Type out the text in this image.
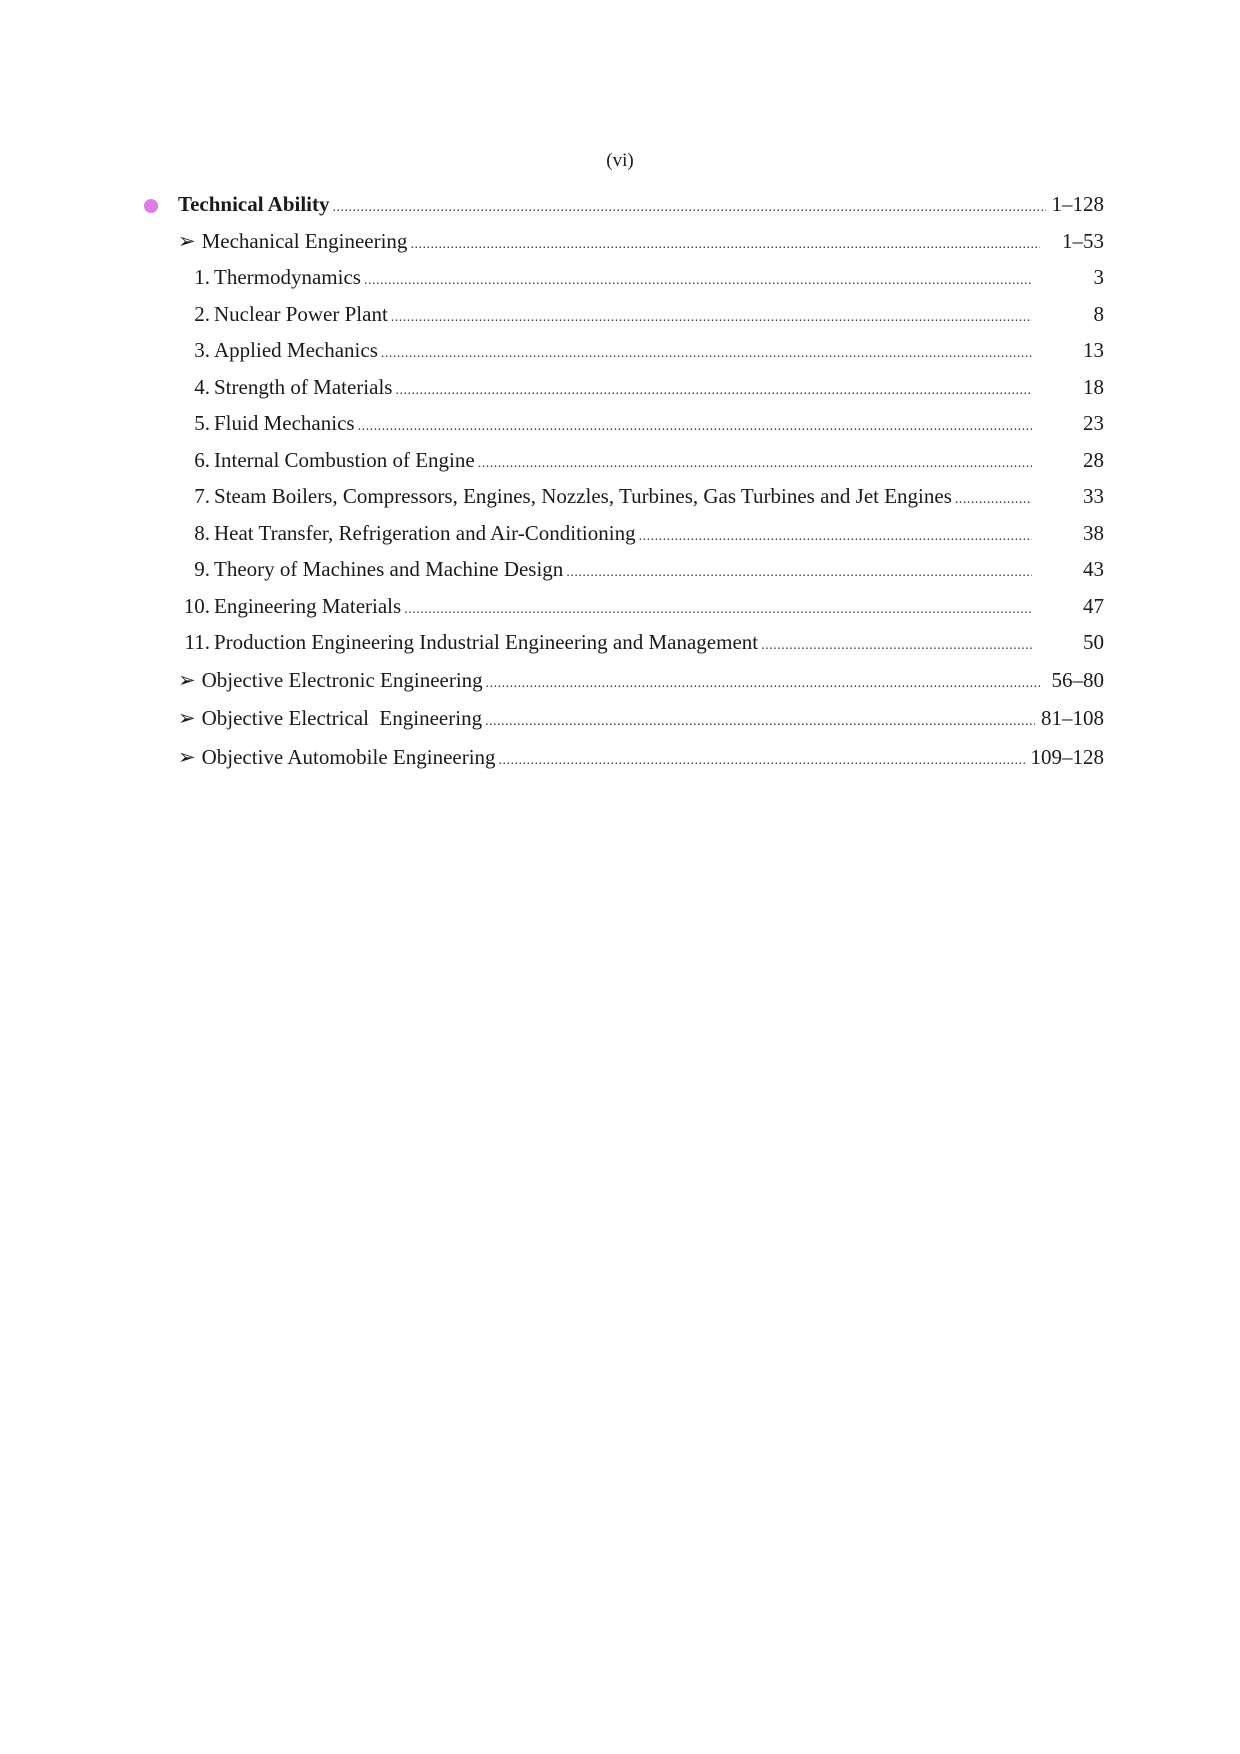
(vi)
Technical Ability .....	1–128
➢ Mechanical Engineering .....	1–53
1. Thermodynamics .....	3
2. Nuclear Power Plant .....	8
3. Applied Mechanics .....	13
4. Strength of Materials .....	18
5. Fluid Mechanics .....	23
6. Internal Combustion of Engine .....	28
7. Steam Boilers, Compressors, Engines, Nozzles, Turbines, Gas Turbines and Jet Engines .....	33
8. Heat Transfer, Refrigeration and Air-Conditioning .....	38
9. Theory of Machines and Machine Design .....	43
10. Engineering Materials .....	47
11. Production Engineering Industrial Engineering and Management .....	50
➢ Objective Electronic Engineering .....	56–80
➢ Objective Electrical  Engineering .....	81–108
➢ Objective Automobile Engineering .....	109–128
